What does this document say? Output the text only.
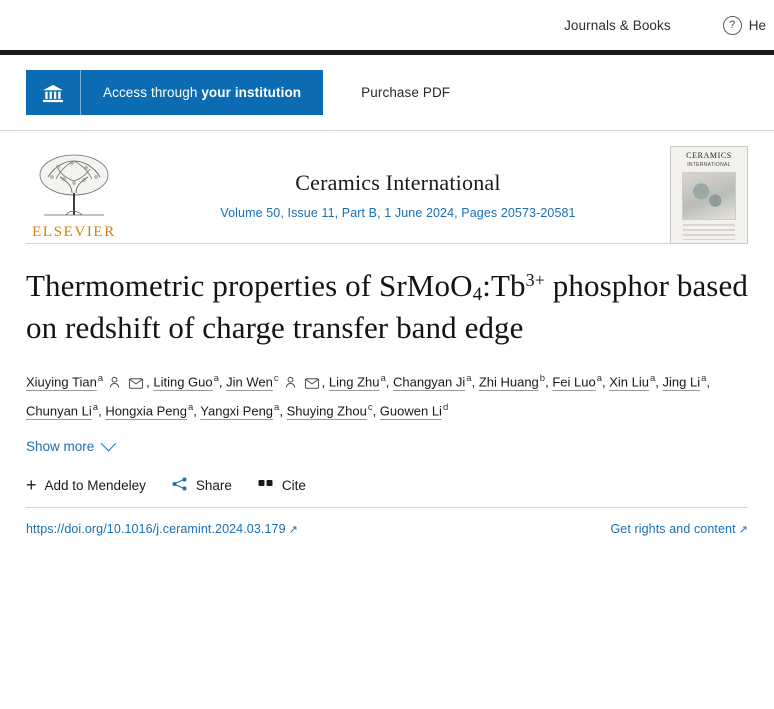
Journals & Books	? He
Access through your institution	Purchase PDF
ELSEVIER
Ceramics International
Volume 50, Issue 11, Part B, 1 June 2024, Pages 20573-20581
CERAMICS
INTERNATIONAL
Thermometric properties of $SrMoO_4:Tb^{3+}$ phosphor based on redshift of charge transfer band edge
Xiuying Tian$^a$	, Liting Guo$^a$, Jin Wen$^c$	, Ling Zhu$^a$, Changyan Ji$^a$, Zhi Huang$^b$, Fei Luo$^a$, Xin Liu$^a$, Jing Li$^a$, Chunyan Li$^a$, Hongxia Peng$^a$, Yangxi Peng$^a$, Shuying Zhou$^c$, Guowen Li$^d$
Show more
+ Add to Mendeley	Share	Cite
https://doi.org/10.1016/j.ceramint.2024.03.179 ↗	Get rights and content ↗
